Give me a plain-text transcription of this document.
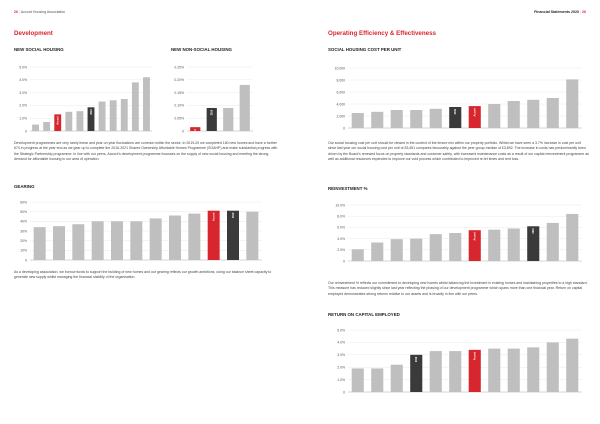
26 | Accord Housing Association	Financial Statements 2020 | 26
Development
NEW SOCIAL HOUSING	NEW NON-SOCIAL HOUSING
0
1.0%
2.0%
3.0%
4.0%
5.0%
Accord
2019
0
0.05%
0.10%
0.15%
0.20%
0.25%
Accord
2019
Development programmes are very rarely linear and year on year fluctuations are common within the sector. In 2019-20 we completed 160 new homes and have a further 674 in progress at the year end as we gear up to complete the 2016-2021 Shared Ownership Affordable Homes Programme (SOAHP) and make substantial progress with the Strategic Partnership programme. In line with our peers, Accord's development programme focusses on the supply of new social housing and meeting the strong demand for affordable housing in our area of operation.
GEARING
0
10%
20%
30%
40%
50%
60%
Accord	2019
As a developing association, we borrow funds to support the building of new homes and our gearing reflects our growth ambitions, using our balance sheet capacity to generate new supply whilst managing the financial stability of the organisation.
Operating Efficiency & Effectiveness
SOCIAL HOUSING COST PER UNIT
0
2,000
4,000
6,000
8,000
10,000
2019	Accord
Our social housing cost per unit should be viewed in the context of the tenure mix within our property portfolio. Whilst we have seen a 3.7% increase in cost per unit since last year our social housing cost per unit of £3,651 compares favourably against the peer group median of £3,892. The increase in costs has predominantly been driven by the Board's renewed focus on property standards and customer safety, with increased maintenance costs as a result of our capital reinvestment programme as well as additional resources expended to improve our void process which contributed to improved re-let times and rent loss.
REINVESTMENT %
0
2.0%
4.0%
6.0%
8.0%
10.0%
Accord
2019
Our reinvestment % reflects our commitment to developing new homes whilst balancing the investment in existing homes and maintaining properties to a high standard. This measure has reduced slightly since last year reflecting the phasing of our development programme which spans more than one financial year. Return on capital employed demonstrates strong returns relative to our assets and is broadly in line with our peers.
RETURN ON CAPITAL EMPLOYED
0
1.0%
2.0%
3.0%
4.0%
5.0%
2019	Accord
